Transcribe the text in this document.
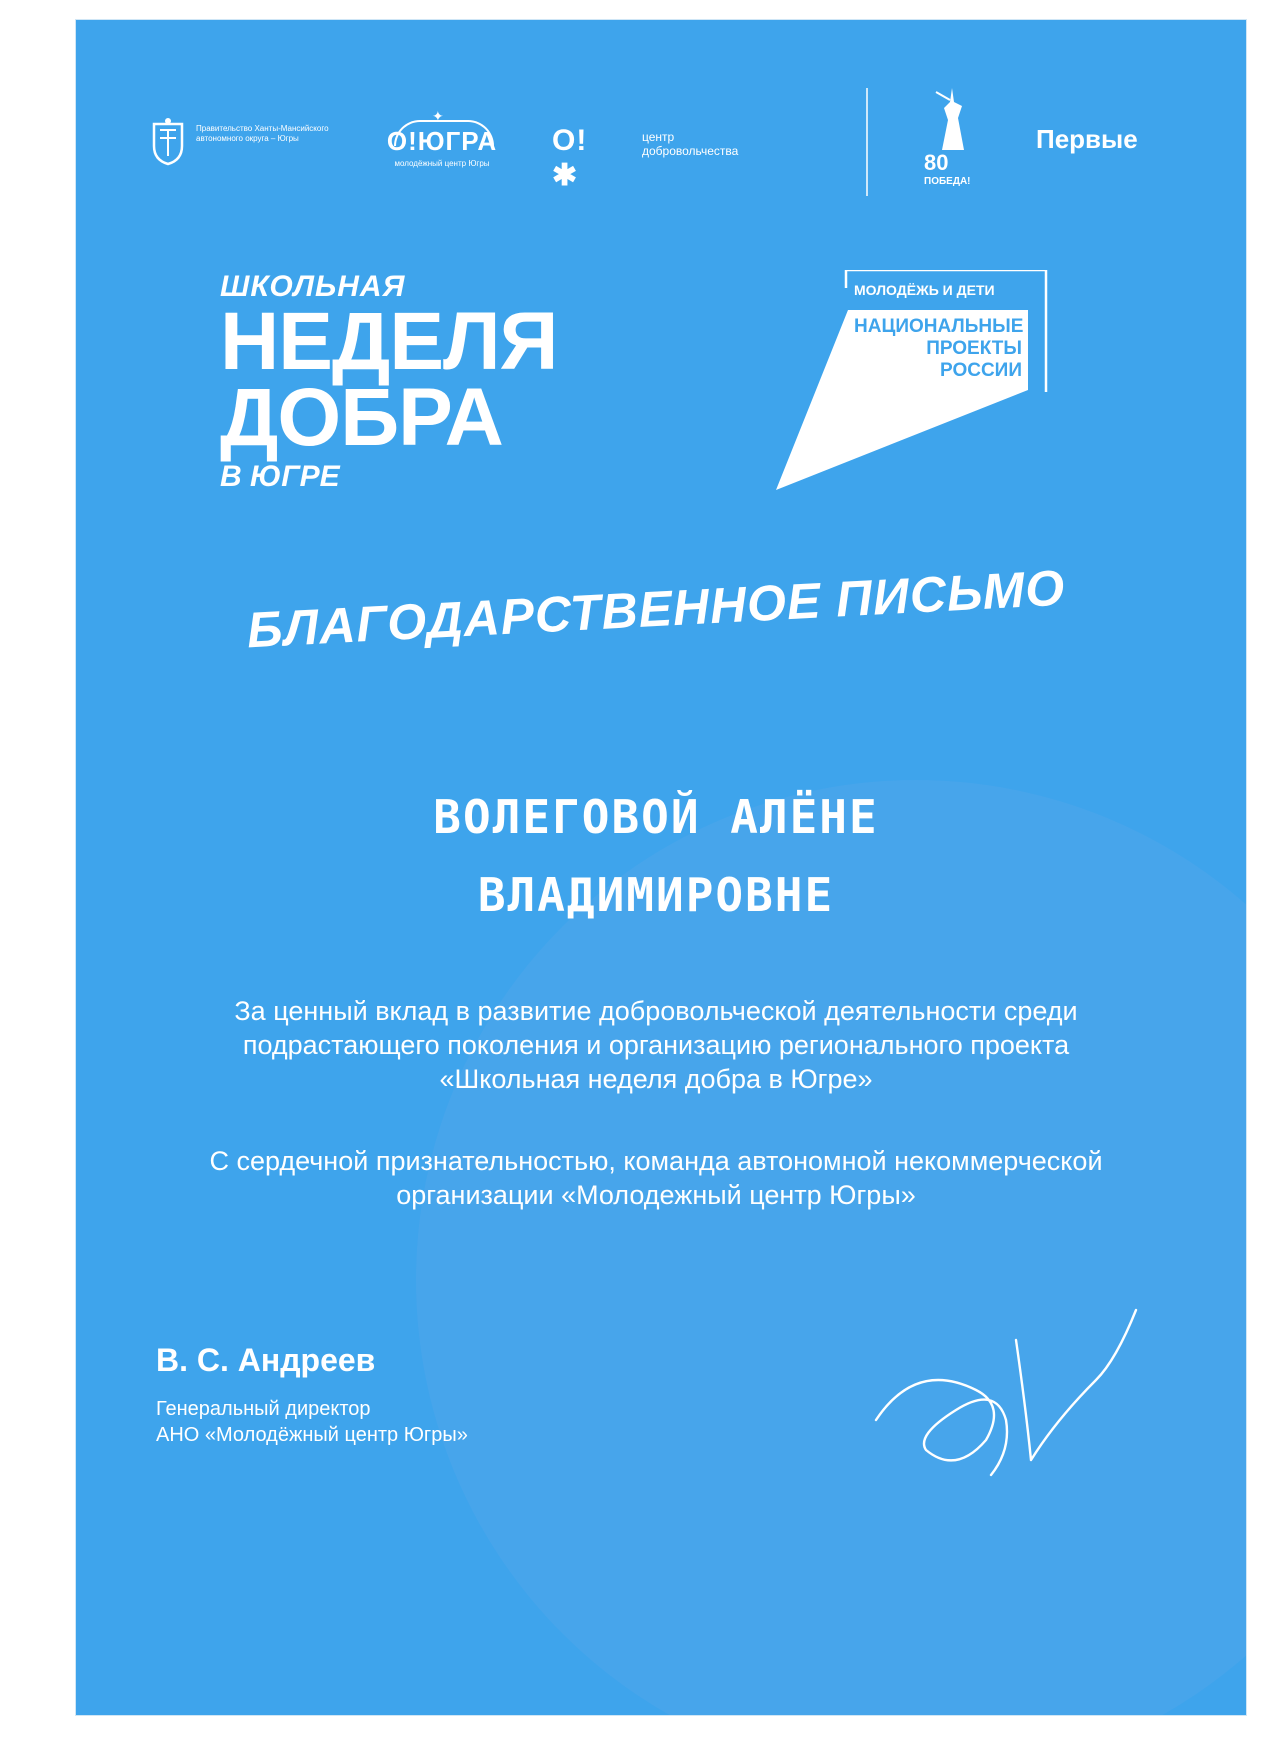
Правительство Ханты-Мансийского автономного округа – Югры
✦
О!ЮГРА
молодёжный центр Югры
О!✱
центр добровольчества	80
ПОБЕДА!
Первые
ШКОЛЬНАЯ
НЕДЕЛЯ
ДОБРА
В ЮГРЕ
МОЛОДЁЖЬ И ДЕТИ
НАЦИОНАЛЬНЫЕ
ПРОЕКТЫ
РОССИИ
БЛАГОДАРСТВЕННОЕ ПИСЬМО
ВОЛЕГОВОЙ АЛЁНЕ
ВЛАДИМИРОВНЕ
За ценный вклад в развитие добровольческой деятельности среди подрастающего поколения и организацию регионального проекта «Школьная неделя добра в Югре»
С сердечной признательностью, команда автономной некоммерческой организации «Молодежный центр Югры»
В. С. Андреев
Генеральный директор
АНО «Молодёжный центр Югры»
